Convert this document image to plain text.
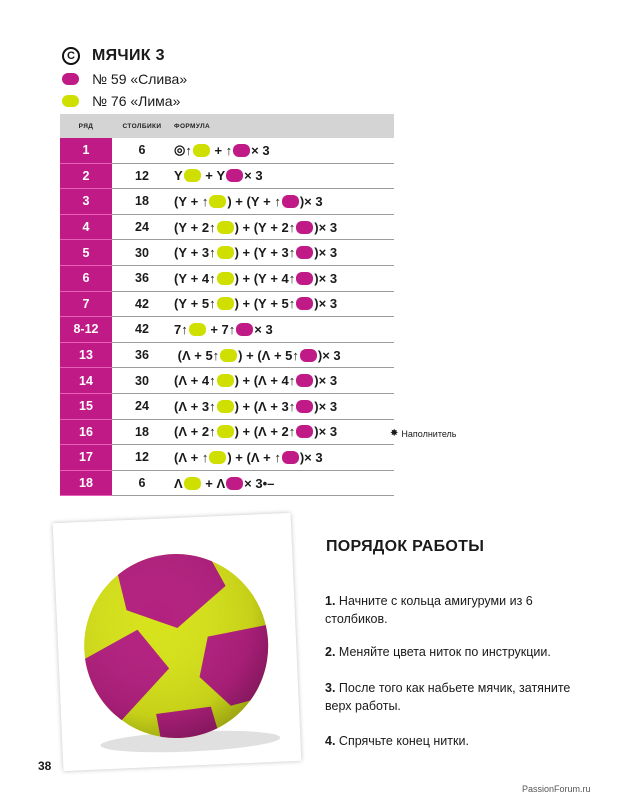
C	МЯЧИК 3
№ 59 «Слива»
№ 76 «Лима»
РЯД	СТОЛБИКИ	ФОРМУЛА
1	6	◎ ↑ + ↑ × 3
2	12	Y + Y × 3
3	18	( Y + ↑ ) + ( Y + ↑ ) × 3
4	24	( Y + 2 ↑ ) + ( Y + 2 ↑ ) × 3
5	30	( Y + 3 ↑ ) + ( Y + 3 ↑ ) × 3
6	36	( Y + 4 ↑ ) + ( Y + 4 ↑ ) × 3
7	42	( Y + 5 ↑ ) + ( Y + 5 ↑ ) × 3
8-12	42	7 ↑ + 7 ↑ × 3
13	36	( Λ + 5 ↑ ) + ( Λ + 5 ↑ ) × 3
14	30	( Λ + 4 ↑ ) + ( Λ + 4 ↑ ) × 3
15	24	( Λ + 3 ↑ ) + ( Λ + 3 ↑ ) × 3
16	18	( Λ + 2 ↑ ) + ( Λ + 2 ↑ ) × 3
17	12	( Λ + ↑ ) + ( Λ + ↑ ) × 3
18	6	Λ + Λ × 3 •–
✸ Наполнитель
ПОРЯДОК РАБОТЫ
1. Начните с кольца амигуруми из 6 столбиков.
2. Меняйте цвета ниток по инструкции.
3. После того как набьете мячик, затяните верх работы.
4. Спрячьте конец нитки.
38
PassionForum.ru
